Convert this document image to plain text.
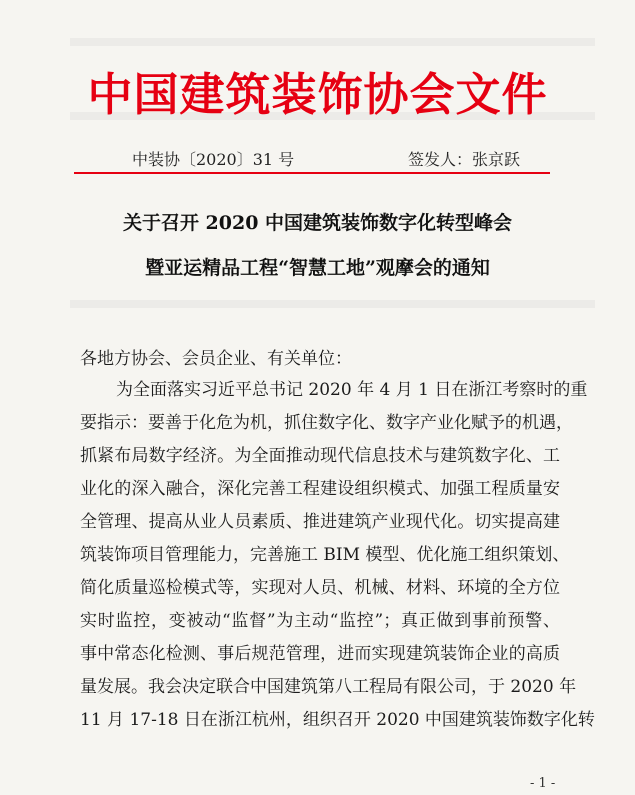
中国建筑装饰协会文件
中装协〔2020〕31 号	签发人：张京跃
关于召开 2020 中国建筑装饰数字化转型峰会
暨亚运精品工程“智慧工地”观摩会的通知
各地方协会、会员企业、有关单位：
为全面落实习近平总书记 2020 年 4 月 1 日在浙江考察时的重
要指示：要善于化危为机，抓住数字化、数字产业化赋予的机遇，
抓紧布局数字经济。为全面推动现代信息技术与建筑数字化、工
业化的深入融合，深化完善工程建设组织模式、加强工程质量安
全管理、提高从业人员素质、推进建筑产业现代化。切实提高建
筑装饰项目管理能力，完善施工 BIM 模型、优化施工组织策划、
简化质量巡检模式等，实现对人员、机械、材料、环境的全方位
实时监控，变被动“监督”为主动“监控”；真正做到事前预警、
事中常态化检测、事后规范管理，进而实现建筑装饰企业的高质
量发展。我会决定联合中国建筑第八工程局有限公司，于 2020 年
11 月 17-18 日在浙江杭州，组织召开 2020 中国建筑装饰数字化转
- 1 -
